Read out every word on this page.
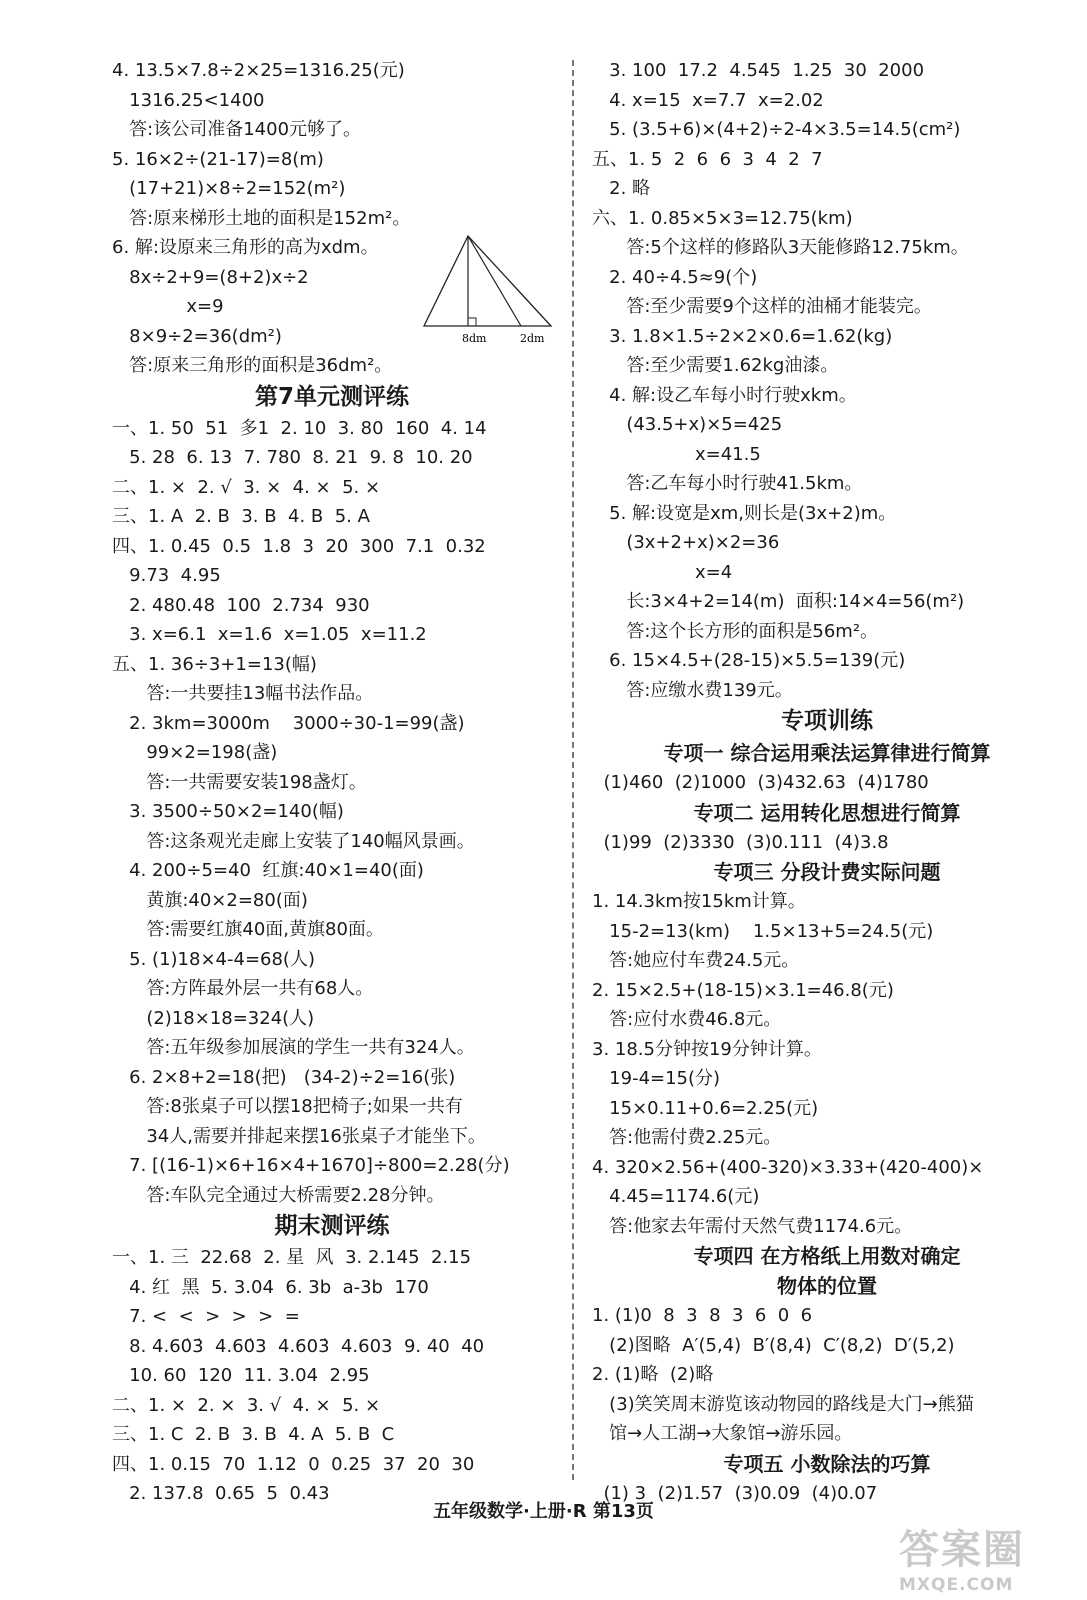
4. 13.5×7.8÷2×25=1316.25(元)
1316.25<1400
答:该公司准备1400元够了。
5. 16×2÷(21-17)=8(m)
(17+21)×8÷2=152(m²)
答:原来梯形土地的面积是152m²。
6. 解:设原来三角形的高为xdm。
8x÷2+9=(8+2)x÷2
x=9
8×9÷2=36(dm²)
答:原来三角形的面积是36dm²。
第7单元测评练
一、1. 50  51  多1  2. 10  3. 80  160  4. 14
5. 28  6. 13  7. 780  8. 21  9. 8  10. 20
二、1. ×  2. √  3. ×  4. ×  5. ×
三、1. A  2. B  3. B  4. B  5. A
四、1. 0.45  0.5  1.8  3  20  300  7.1  0.32
9.73  4.95
2. 480.48  100  2.734  930
3. x=6.1  x=1.6  x=1.05  x=11.2
五、1. 36÷3+1=13(幅)
答:一共要挂13幅书法作品。
2. 3km=3000m    3000÷30-1=99(盏)
99×2=198(盏)
答:一共需要安装198盏灯。
3. 3500÷50×2=140(幅)
答:这条观光走廊上安装了140幅风景画。
4. 200÷5=40  红旗:40×1=40(面)
黄旗:40×2=80(面)
答:需要红旗40面,黄旗80面。
5. (1)18×4-4=68(人)
答:方阵最外层一共有68人。
(2)18×18=324(人)
答:五年级参加展演的学生一共有324人。
6. 2×8+2=18(把)   (34-2)÷2=16(张)
答:8张桌子可以摆18把椅子;如果一共有
34人,需要并排起来摆16张桌子才能坐下。
7. [(16-1)×6+16×4+1670]÷800=2.28(分)
答:车队完全通过大桥需要2.28分钟。
期末测评练
一、1. 三  22.68  2. 星  风  3. 2.145̇  2.15
4. 红  黑  5. 3.04  6. 3b  a-3b  170
7. <  <  >  >  >  =
8. 4.60̇3̇  4.60̇3  4.603̇  4.603  9. 40  40
10. 60  120  11. 3.04  2.95
二、1. ×  2. ×  3. √  4. ×  5. ×
三、1. C  2. B  3. B  4. A  5. B  C
四、1. 0.15  70  1.12  0  0.25  37  20  30
2. 137.8  0.65  5  0.43
3. 100  17.2  4.545  1.25  30  2000
4. x=15  x=7.7  x=2.02
5. (3.5+6)×(4+2)÷2-4×3.5=14.5(cm²)
五、1. 5  2  6  6  3  4  2  7
2. 略
六、1. 0.85×5×3=12.75(km)
答:5个这样的修路队3天能修路12.75km。
2. 40÷4.5≈9(个)
答:至少需要9个这样的油桶才能装完。
3. 1.8×1.5÷2×2×0.6=1.62(kg)
答:至少需要1.62kg油漆。
4. 解:设乙车每小时行驶xkm。
(43.5+x)×5=425
x=41.5
答:乙车每小时行驶41.5km。
5. 解:设宽是xm,则长是(3x+2)m。
(3x+2+x)×2=36
x=4
长:3×4+2=14(m)  面积:14×4=56(m²)
答:这个长方形的面积是56m²。
6. 15×4.5+(28-15)×5.5=139(元)
答:应缴水费139元。
专项训练
专项一 综合运用乘法运算律进行简算
(1)460  (2)1000  (3)432.63  (4)1780
专项二 运用转化思想进行简算
(1)99  (2)3330  (3)0.111  (4)3.8
专项三 分段计费实际问题
1. 14.3km按15km计算。
15-2=13(km)    1.5×13+5=24.5(元)
答:她应付车费24.5元。
2. 15×2.5+(18-15)×3.1=46.8(元)
答:应付水费46.8元。
3. 18.5分钟按19分钟计算。
19-4=15(分)
15×0.11+0.6=2.25(元)
答:他需付费2.25元。
4. 320×2.56+(400-320)×3.33+(420-400)×
4.45=1174.6(元)
答:他家去年需付天然气费1174.6元。
专项四 在方格纸上用数对确定
物体的位置
1. (1)0  8  3  8  3  6  0  6
(2)图略  A′(5,4)  B′(8,4)  C′(8,2)  D′(5,2)
2. (1)略  (2)略
(3)笑笑周末游览该动物园的路线是大门→熊猫
馆→人工湖→大象馆→游乐园。
专项五 小数除法的巧算
(1) 3  (2)1.57  (3)0.09  (4)0.07
8dm	2dm
五年级数学·上册·R 第13页
答案圈
MXQE.COM
